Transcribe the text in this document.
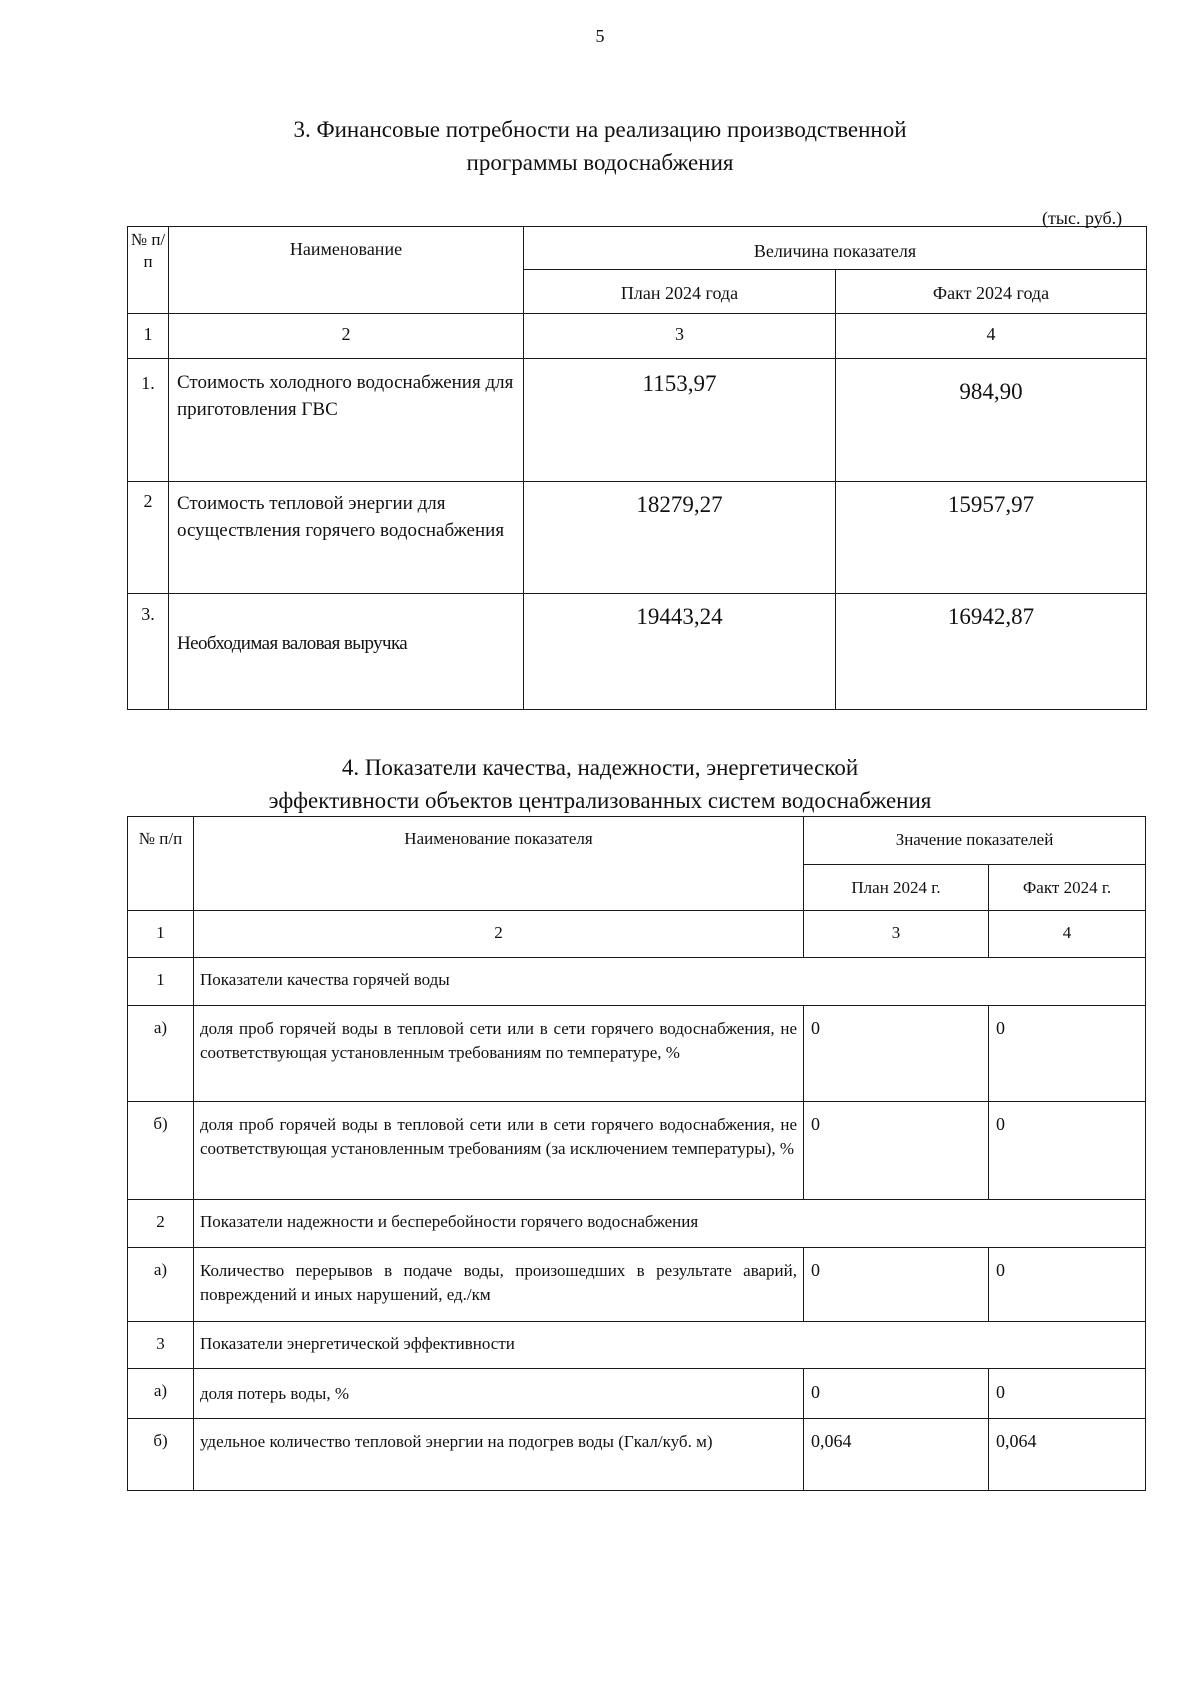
5
3. Финансовые потребности на реализацию производственной
программы водоснабжения
(тыс. руб.)
№ п/п	Наименование	Величина показателя	
		План 2024 года	Факт 2024 года
1	2	3	4
1.	Стоимость холодного водоснабжения для приготовления ГВС	1153,97	984,90
2	Стоимость тепловой энергии для осуществления горячего водоснабжения	18279,27	15957,97
3.	Необходимая валовая выручка	19443,24	16942,87
4. Показатели качества, надежности, энергетической
эффективности объектов централизованных систем водоснабжения
№ п/п	Наименование показателя	Значение показателей	
		План 2024 г.	Факт 2024 г.
1	2	3	4
1	Показатели качества горячей воды		
а)	доля проб горячей воды в тепловой сети или в сети горячего водоснабжения, не соответствующая установленным требованиям по температуре, %	0	0
б)	доля проб горячей воды в тепловой сети или в сети горячего водоснабжения, не соответствующая установленным требованиям (за исключением температуры), %	0	0
2	Показатели надежности и бесперебойности горячего водоснабжения		
а)	Количество перерывов в подаче воды, произошедших в результате аварий, повреждений и иных нарушений, ед./км	0	0
3	Показатели энергетической эффективности		
а)	доля потерь воды, %	0	0
б)	удельное количество тепловой энергии на подогрев воды (Гкал/куб. м)	0,064	0,064
